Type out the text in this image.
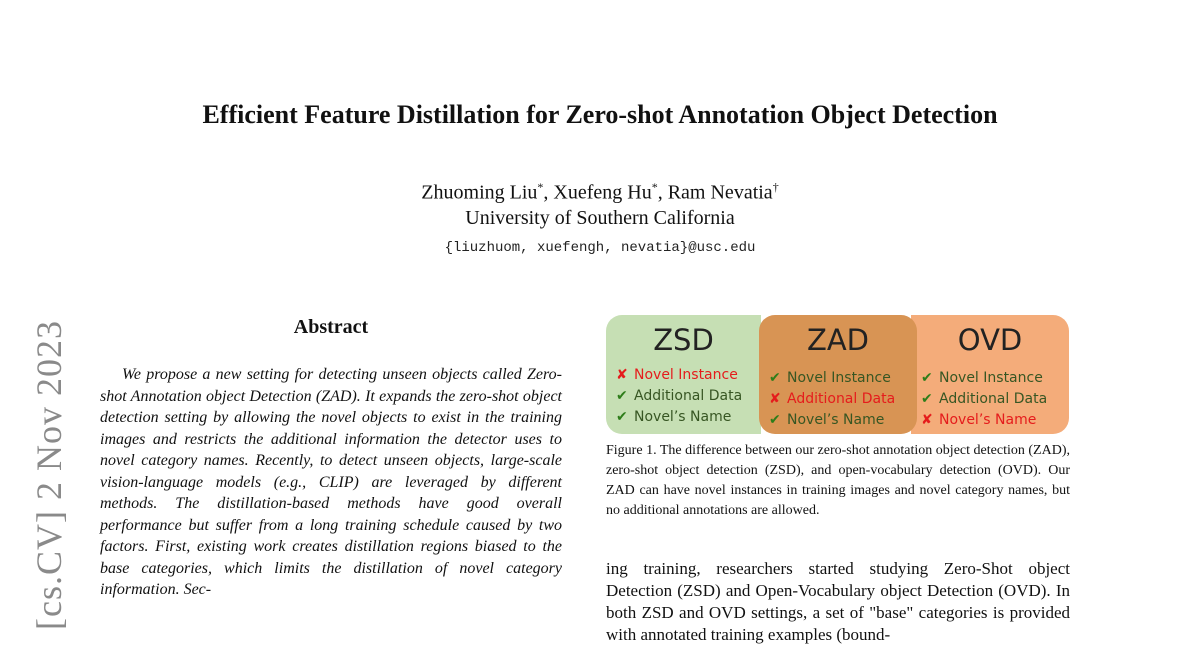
Efficient Feature Distillation for Zero-shot Annotation Object Detection
Zhuoming Liu*, Xuefeng Hu*, Ram Nevatia†
University of Southern California
{liuzhuom, xuefengh, nevatia}@usc.edu
[cs.CV] 2 Nov 2023	Abstract
We propose a new setting for detecting unseen objects called Zero-shot Annotation object Detection (ZAD). It expands the zero-shot object detection setting by allowing the novel objects to exist in the training images and restricts the additional information the detector uses to novel category names. Recently, to detect unseen objects, large-scale vision-language models (e.g., CLIP) are leveraged by different methods. The distillation-based methods have good overall performance but suffer from a long training schedule caused by two factors. First, existing work creates distillation regions biased to the base categories, which limits the distillation of novel category information. Sec-
ZSD
✘ Novel Instance
✔ Additional Data
✔ Novel’s Name
OVD
✔ Novel Instance
✔ Additional Data
✘ Novel’s Name
ZAD
✔ Novel Instance
✘ Additional Data
✔ Novel’s Name
Figure 1. The difference between our zero-shot annotation object detection (ZAD), zero-shot object detection (ZSD), and open-vocabulary detection (OVD). Our ZAD can have novel instances in training images and novel category names, but no additional annotations are allowed.
ing training, researchers started studying Zero-Shot object Detection (ZSD) and Open-Vocabulary object Detection (OVD). In both ZSD and OVD settings, a set of "base" categories is provided with annotated training examples (bound-
